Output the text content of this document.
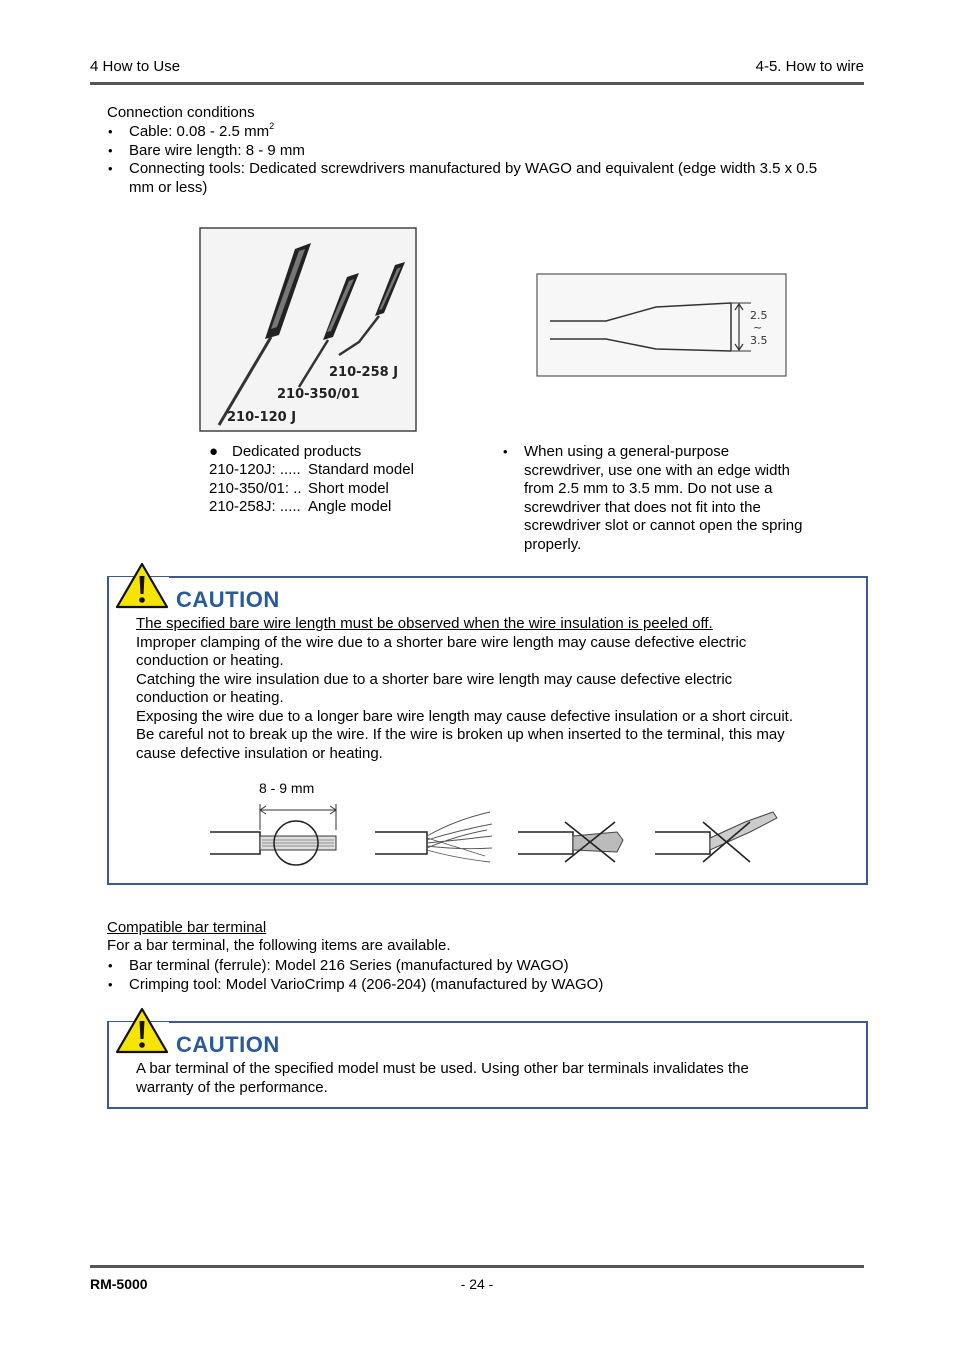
4 How to Use	4-5. How to wire
Connection conditions
• Cable: 0.08 - 2.5 $mm^2$
• Bare wire length: 8 - 9 mm
• Connecting tools: Dedicated screwdrivers manufactured by WAGO and equivalent (edge width 3.5 x 0.5
mm or less)
210-258 J
210-350/01
210-120 J
2.5
~
3.5
● Dedicated products
210-120J: ..... Standard model
210-350/01: .. Short model
210-258J: ..... Angle model
• When using a general-purpose
screwdriver, use one with an edge width
from 2.5 mm to 3.5 mm. Do not use a
screwdriver that does not fit into the
screwdriver slot or cannot open the spring
properly.
CAUTION
The specified bare wire length must be observed when the wire insulation is peeled off.
Improper clamping of the wire due to a shorter bare wire length may cause defective electric
conduction or heating.
Catching the wire insulation due to a shorter bare wire length may cause defective electric
conduction or heating.
Exposing the wire due to a longer bare wire length may cause defective insulation or a short circuit.
Be careful not to break up the wire. If the wire is broken up when inserted to the terminal, this may
cause defective insulation or heating.
8 - 9 mm
Compatible bar terminal
For a bar terminal, the following items are available.
• Bar terminal (ferrule): Model 216 Series (manufactured by WAGO)
• Crimping tool: Model VarioCrimp 4 (206-204) (manufactured by WAGO)
CAUTION
A bar terminal of the specified model must be used. Using other bar terminals invalidates the
warranty of the performance.
- 24 -
RM-5000
